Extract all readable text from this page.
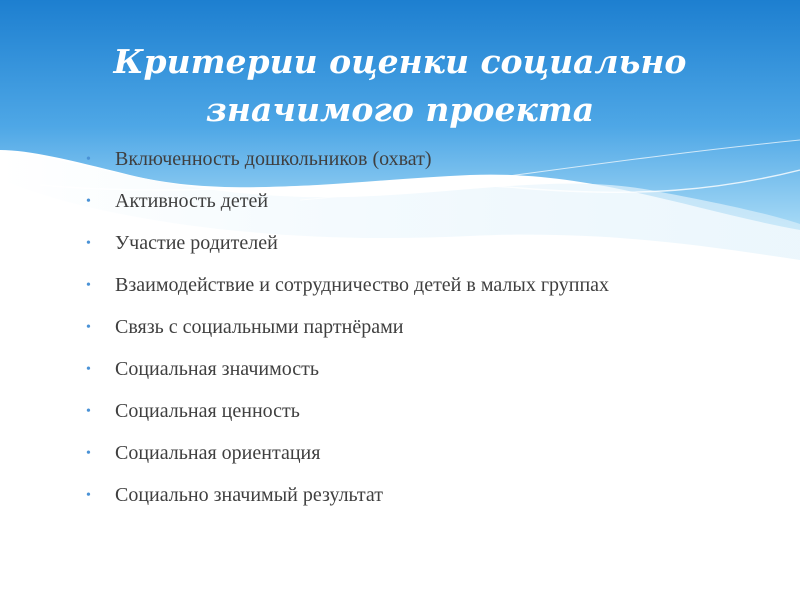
Критерии оценки социально
значимого проекта
• Включенность дошкольников (охват)
• Активность детей
• Участие родителей
• Взаимодействие и сотрудничество детей в малых группах
• Связь с социальными партнёрами
• Социальная значимость
• Социальная ценность
• Социальная ориентация
• Социально значимый результат
